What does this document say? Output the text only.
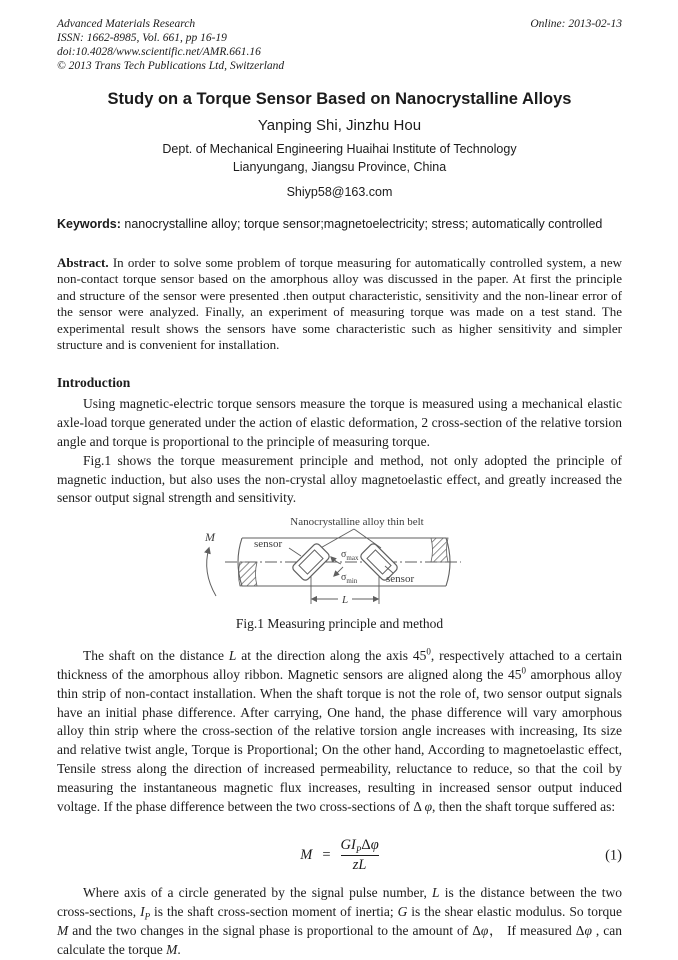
Advanced Materials Research
ISSN: 1662-8985, Vol. 661, pp 16-19
doi:10.4028/www.scientific.net/AMR.661.16
© 2013 Trans Tech Publications Ltd, Switzerland
Online: 2013-02-13
Study on a Torque Sensor Based on Nanocrystalline Alloys
Yanping Shi, Jinzhu Hou
Dept. of Mechanical Engineering Huaihai Institute of Technology
Lianyungang, Jiangsu Province, China
Shiyp58@163.com
Keywords: nanocrystalline alloy; torque sensor;magnetoelectricity; stress; automatically controlled
Abstract. In order to solve some problem of torque measuring for automatically controlled system, a new non-contact torque sensor based on the amorphous alloy was discussed in the paper. At first the principle and structure of the sensor were presented .then output characteristic, sensitivity and the non-linear error of the sensor were analyzed. Finally, an experiment of measuring torque was made on a test stand. The experimental result shows the sensors have some characteristic such as higher sensitivity and simpler structure and is convenient for installation.
Introduction

Using magnetic-electric torque sensors measure the torque is measured using a mechanical elastic axle-load torque generated under the action of elastic deformation, 2 cross-section of the relative torsion angle and torque is proportional to the principle of measuring torque.

Fig.1 shows the torque measurement principle and method, not only adopted the principle of magnetic induction, but also uses the non-crystal alloy magnetoelastic effect, and greatly increased the sensor output signal strength and sensitivity.

Nanocrystalline alloy thin belt
M	sensor
sensor
$\sigma_{max}$
$\sigma_{min}$
L
Fig.1 Measuring principle and method

The shaft on the distance L at the direction along the axis $45^0$, respectively attached to a certain thickness of the amorphous alloy ribbon. Magnetic sensors are aligned along the $45^0$ amorphous alloy thin strip of non-contact installation. When the shaft torque is not the role of, two sensor output signals have an initial phase difference. After carrying, One hand, the phase difference will vary amorphous alloy thin strip where the cross-section of the relative torsion angle increases with increasing, Its size and relative twist angle, Torque is Proportional; On the other hand, According to magnetoelastic effect, Tensile stress along the direction of increased permeability, reluctance to reduce, so that the coil by measuring the instantaneous magnetic flux increases, resulting in increased sensor output induced voltage. If the phase difference between the two cross-sections of Δ φ, then the shaft torque suffered as:

$M = \frac{GI_P\Delta\varphi}{zL}$	(1)

Where axis of a circle generated by the signal pulse number, L is the distance between the two cross-sections, $I_P$ is the shaft cross-section moment of inertia; G is the shear elastic modulus. So torque M and the two changes in the signal phase is proportional to the amount of Δφ， If measured Δφ , can calculate the torque M.
